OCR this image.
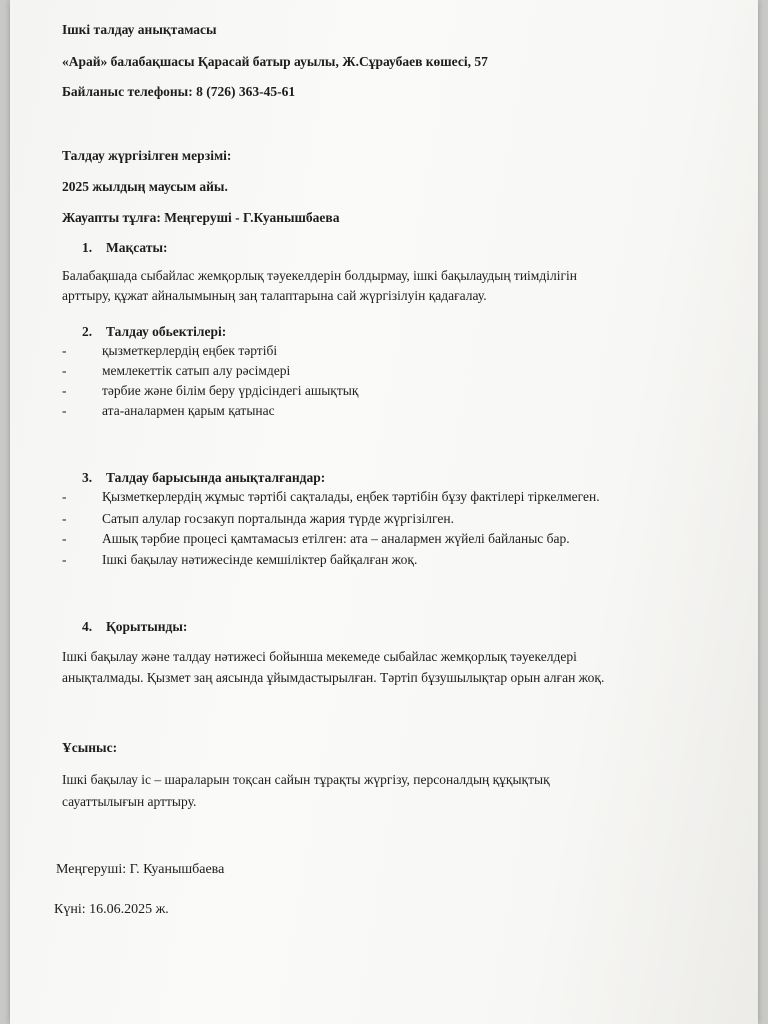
Ішкі талдау анықтамасы
«Арай» балабақшасы Қарасай батыр ауылы, Ж.Сұраубаев көшесі, 57
Байланыс телефоны: 8 (726) 363-45-61
Талдау жүргізілген мерзімі:
2025 жылдың маусым айы.
Жауапты тұлға: Меңгеруші - Г.Куанышбаева
1. Мақсаты:
Балабақшада сыбайлас жемқорлық тәуекелдерін болдырмау, ішкі бақылаудың тиімділігін
арттыру, құжат айналымының заң талаптарына сай жүргізілуін қадағалау.
2. Талдау обьектілері:
-	қызметкерлердің еңбек тәртібі
-	мемлекеттік сатып алу рәсімдері
-	тәрбие және білім беру үрдісіндегі ашықтық
-	ата-аналармен қарым қатынас
3. Талдау барысында анықталғандар:
-	Қызметкерлердің жұмыс тәртібі сақталады, еңбек тәртібін бұзу фактілері тіркелмеген.
-	Сатып алулар госзакуп порталында жария түрде жүргізілген.
-	Ашық тәрбие процесі қамтамасыз етілген: ата – аналармен жүйелі байланыс бар.
-	Ішкі бақылау нәтижесінде кемшіліктер байқалған жоқ.
4. Қорытынды:
Ішкі бақылау және талдау нәтижесі бойынша мекемеде сыбайлас жемқорлық тәуекелдері
анықталмады. Қызмет заң аясында ұйымдастырылған. Тәртіп бұзушылықтар орын алған жоқ.
Ұсыныс:
Ішкі бақылау іс – шараларын тоқсан сайын тұрақты жүргізу, персоналдың құқықтық
сауаттылығын арттыру.
Меңгеруші: Г. Куанышбаева
Күні: 16.06.2025 ж.
